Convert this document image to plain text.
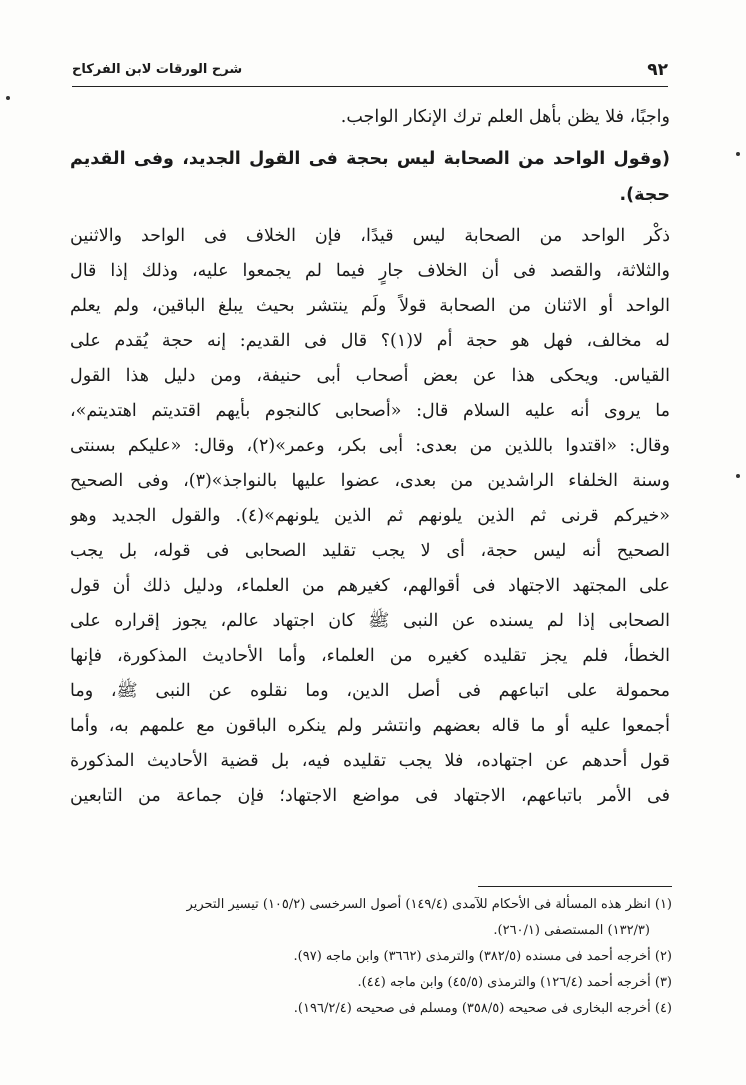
٩٢
شرح الورقات لابن الفركاح
واجبًا، فلا يظن بأهل العلم ترك الإنكار الواجب.
(وقول الواحد من الصحابة ليس بحجة فى القول الجديد، وفى القديم
حجة).
ذكْر الواحد من الصحابة ليس قيدًا، فإن الخلاف فى الواحد والاثنين
والثلاثة، والقصد فى أن الخلاف جارٍ فيما لم يجمعوا عليه، وذلك إذا قال
الواحد أو الاثنان من الصحابة قولاً ولَم ينتشر بحيث يبلغ الباقين، ولم يعلم
له مخالف، فهل هو حجة أم لا(١)؟ قال فى القديم: إنه حجة يُقدم على
القياس. ويحكى هذا عن بعض أصحاب أبى حنيفة، ومن دليل هذا القول
ما يروى أنه عليه السلام قال: «أصحابى كالنجوم بأيهم اقتديتم اهتديتم»،
وقال: «اقتدوا باللذين من بعدى: أبى بكر، وعمر»(٢)، وقال: «عليكم بسنتى
وسنة الخلفاء الراشدين من بعدى، عضوا عليها بالنواجذ»(٣)، وفى الصحيح
«خيركم قرنى ثم الذين يلونهم ثم الذين يلونهم»(٤). والقول الجديد وهو
الصحيح أنه ليس حجة، أى لا يجب تقليد الصحابى فى قوله، بل يجب
على المجتهد الاجتهاد فى أقوالهم، كغيرهم من العلماء، ودليل ذلك أن قول
الصحابى إذا لم يسنده عن النبى ﷺ كان اجتهاد عالم، يجوز إقراره على
الخطأ، فلم يجز تقليده كغيره من العلماء، وأما الأحاديث المذكورة، فإنها
محمولة على اتباعهم فى أصل الدين، وما نقلوه عن النبى ﷺ، وما
أجمعوا عليه أو ما قاله بعضهم وانتشر ولم ينكره الباقون مع علمهم به، وأما
قول أحدهم عن اجتهاده، فلا يجب تقليده فيه، بل قضية الأحاديث المذكورة
فى الأمر باتباعهم، الاجتهاد فى مواضع الاجتهاد؛ فإن جماعة من التابعين
(١) انظر هذه المسألة فى الأحكام للآمدى (١٤٩/٤) أصول السرخسى (١٠٥/٢) تيسير التحرير
(١٣٢/٣) المستصفى (٢٦٠/١).
(٢) أخرجه أحمد فى مسنده (٣٨٢/٥) والترمذى (٣٦٦٢) وابن ماجه (٩٧).
(٣) أخرجه أحمد (١٢٦/٤) والترمذى (٤٥/٥) وابن ماجه (٤٤).
(٤) أخرجه البخارى فى صحيحه (٣٥٨/٥) ومسلم فى صحيحه (١٩٦/٢/٤).
